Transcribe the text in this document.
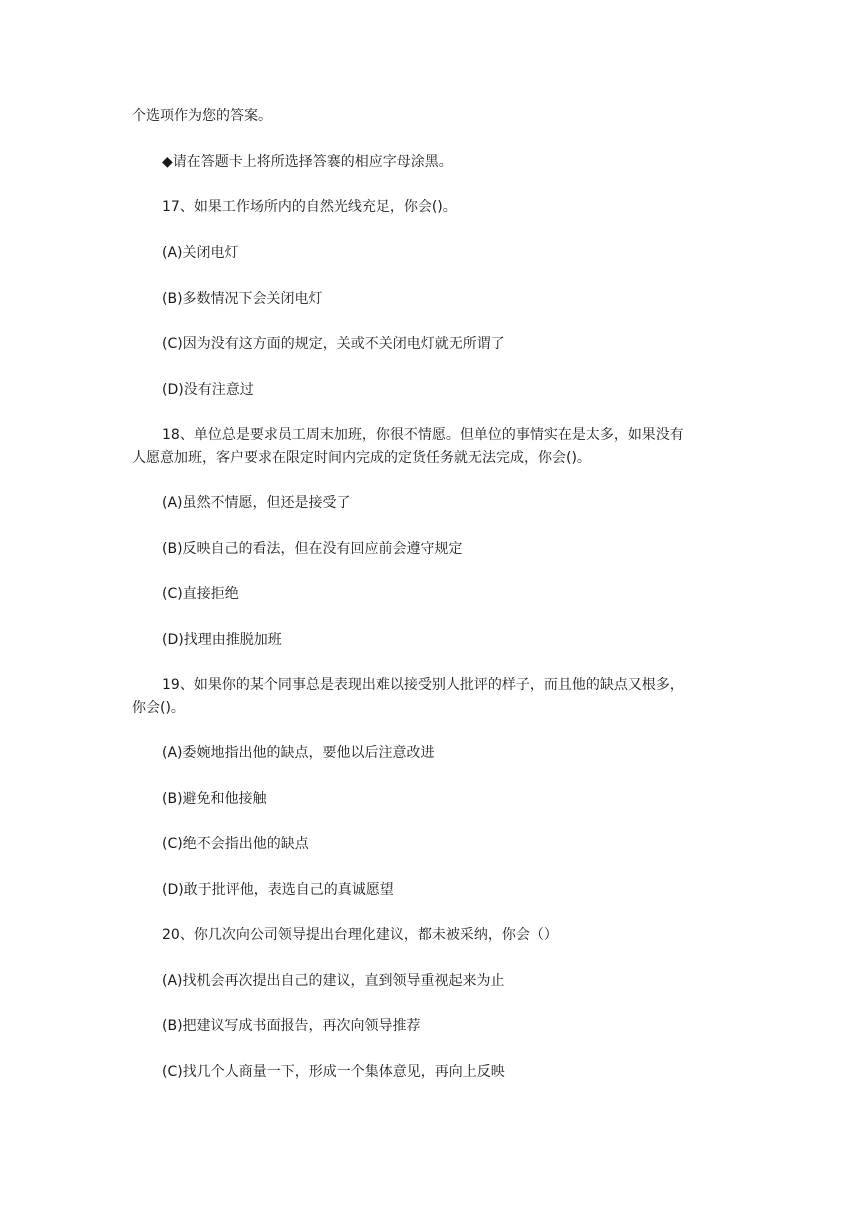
个选项作为您的答案。
◆请在答题卡上将所选择答褰的相应字母涂黑。
17、如果工作场所内的自然光线充足，你会()。
(A)关闭电灯
(B)多数情况下会关闭电灯
(C)因为没有这方面的规定，关或不关闭电灯就无所谓了
(D)没有注意过
18、单位总是要求员工周末加班，你很不情愿。但单位的事情实在是太多，如果没有
人愿意加班，客户要求在限定时间内完成的定货任务就无法完成，你会()。
(A)虽然不情愿，但还是接受了
(B)反映自己的看法，但在没有回应前会遵守规定
(C)直接拒绝
(D)找理由推脱加班
19、如果你的某个同事总是表现出难以接受别人批评的样子，而且他的缺点又根多，
你会()。
(A)委婉地指出他的缺点，要他以后注意改进
(B)避免和他接触
(C)绝不会指出他的缺点
(D)敢于批评他，表选自己的真诚愿望
20、你几次向公司领导提出台理化建议，都未被采纳，你会（）
(A)找机会再次提出自己的建议，直到领导重视起来为止
(B)把建议写成书面报告，再次向领导推荐
(C)找几个人商量一下，形成一个集体意见，再向上反映
